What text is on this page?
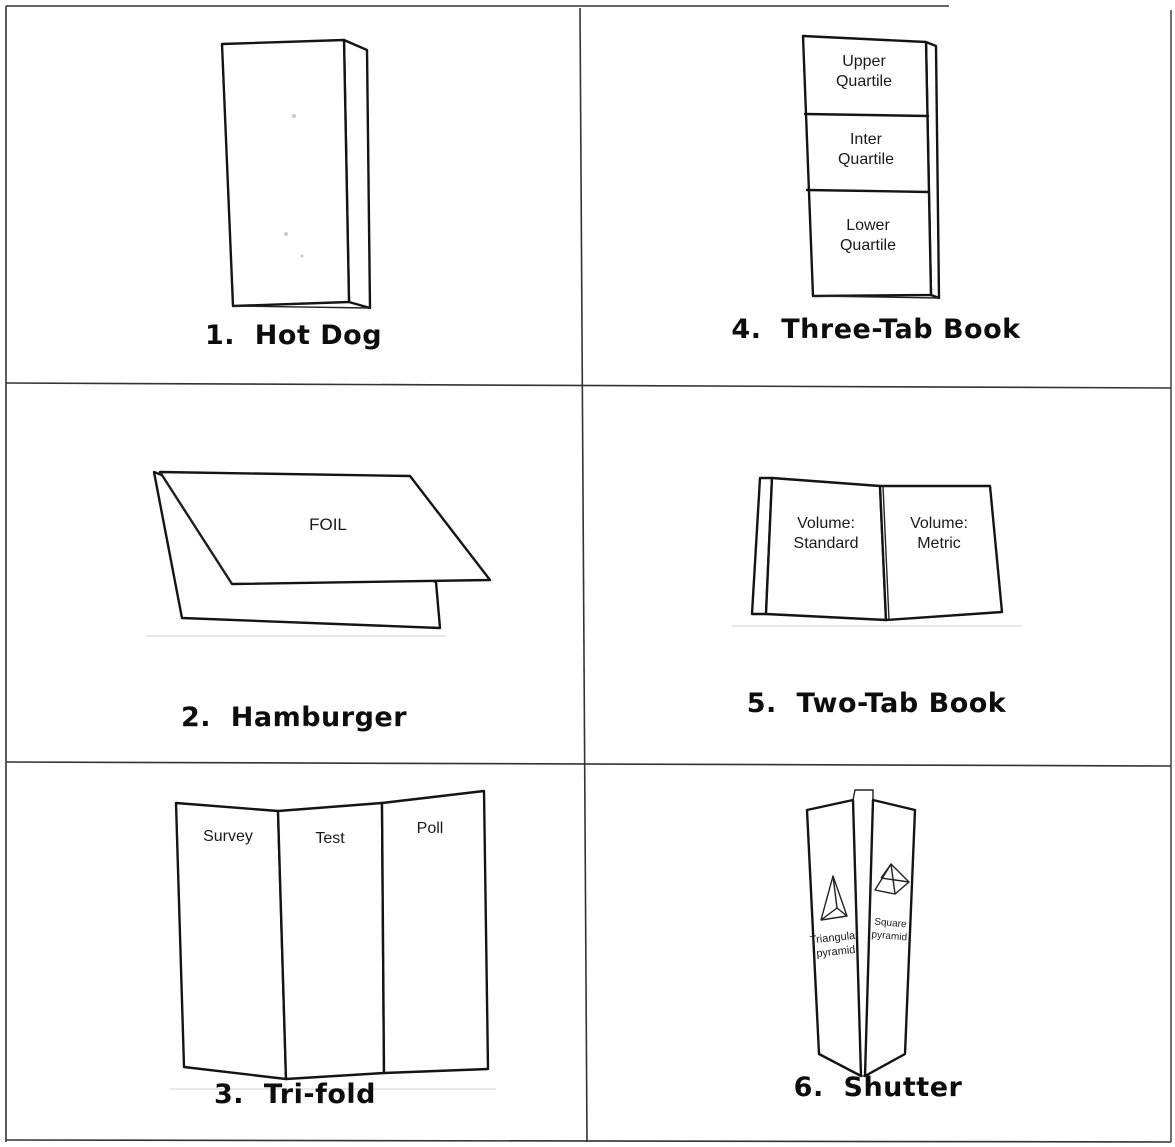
1.  Hot Dog
Upper
Quartile
Inter
Quartile
Lower
Quartile
4.  Three-Tab Book
FOIL
2.  Hamburger
Volume:
Standard
Volume:
Metric
5.  Two-Tab Book
Survey	Test
Poll
3.  Tri-fold
Triangular
pyramid
Square
pyramid
6.  Shutter
